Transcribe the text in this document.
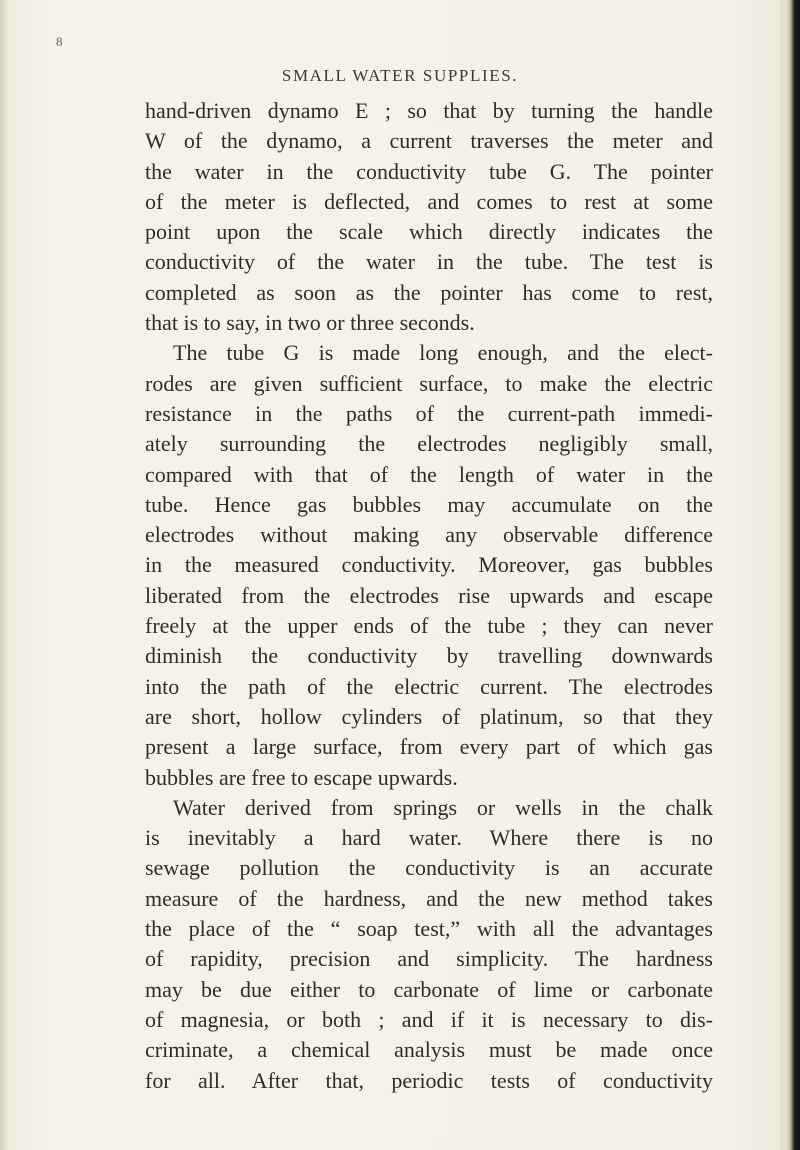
8
SMALL WATER SUPPLIES.
hand-driven dynamo E ; so that by turning the handle
W of the dynamo, a current traverses the meter and
the water in the conductivity tube G. The pointer
of the meter is deflected, and comes to rest at some
point upon the scale which directly indicates the
conductivity of the water in the tube. The test is
completed as soon as the pointer has come to rest,
that is to say, in two or three seconds.
The tube G is made long enough, and the elect-
rodes are given sufficient surface, to make the electric
resistance in the paths of the current-path immedi-
ately surrounding the electrodes negligibly small,
compared with that of the length of water in the
tube. Hence gas bubbles may accumulate on the
electrodes without making any observable difference
in the measured conductivity. Moreover, gas bubbles
liberated from the electrodes rise upwards and escape
freely at the upper ends of the tube ; they can never
diminish the conductivity by travelling downwards
into the path of the electric current. The electrodes
are short, hollow cylinders of platinum, so that they
present a large surface, from every part of which gas
bubbles are free to escape upwards.
Water derived from springs or wells in the chalk
is inevitably a hard water. Where there is no
sewage pollution the conductivity is an accurate
measure of the hardness, and the new method takes
the place of the “ soap test,” with all the advantages
of rapidity, precision and simplicity. The hardness
may be due either to carbonate of lime or carbonate
of magnesia, or both ; and if it is necessary to dis-
criminate, a chemical analysis must be made once
for all. After that, periodic tests of conductivity
